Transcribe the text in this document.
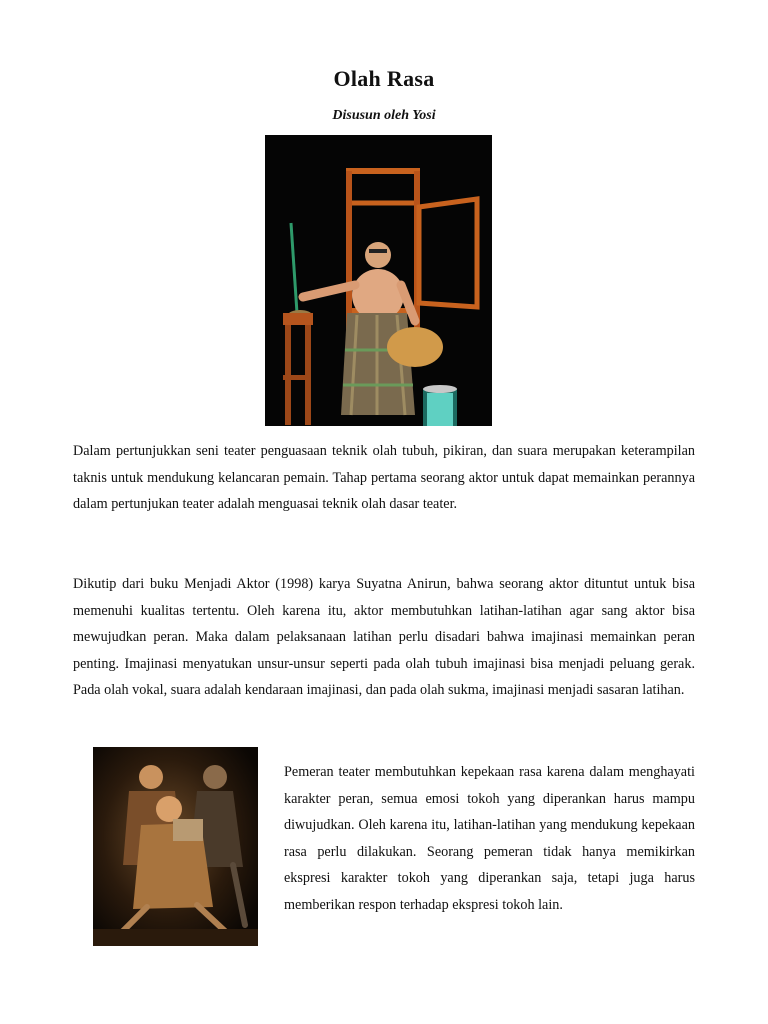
Olah Rasa
Disusun oleh Yosi

Dalam pertunjukkan seni teater penguasaan teknik olah tubuh, pikiran, dan suara merupakan keterampilan taknis untuk mendukung kelancaran pemain. Tahap pertama seorang aktor untuk dapat memainkan perannya dalam pertunjukan teater adalah menguasai teknik olah dasar teater.

Dikutip dari buku Menjadi Aktor (1998) karya Suyatna Anirun, bahwa seorang aktor dituntut untuk bisa memenuhi kualitas tertentu. Oleh karena itu, aktor membutuhkan latihan-latihan agar sang aktor bisa mewujudkan peran. Maka dalam pelaksanaan latihan perlu disadari bahwa imajinasi memainkan peran penting. Imajinasi menyatukan unsur-unsur seperti pada olah tubuh imajinasi bisa menjadi peluang gerak. Pada olah vokal, suara adalah kendaraan imajinasi, dan pada olah sukma, imajinasi menjadi sasaran latihan.

Pemeran teater membutuhkan kepekaan rasa karena dalam menghayati karakter peran, semua emosi tokoh yang diperankan harus mampu diwujudkan. Oleh karena itu, latihan-latihan yang mendukung kepekaan rasa perlu dilakukan. Seorang pemeran tidak hanya memikirkan ekspresi karakter tokoh yang diperankan saja, tetapi juga harus memberikan respon terhadap ekspresi tokoh lain.
